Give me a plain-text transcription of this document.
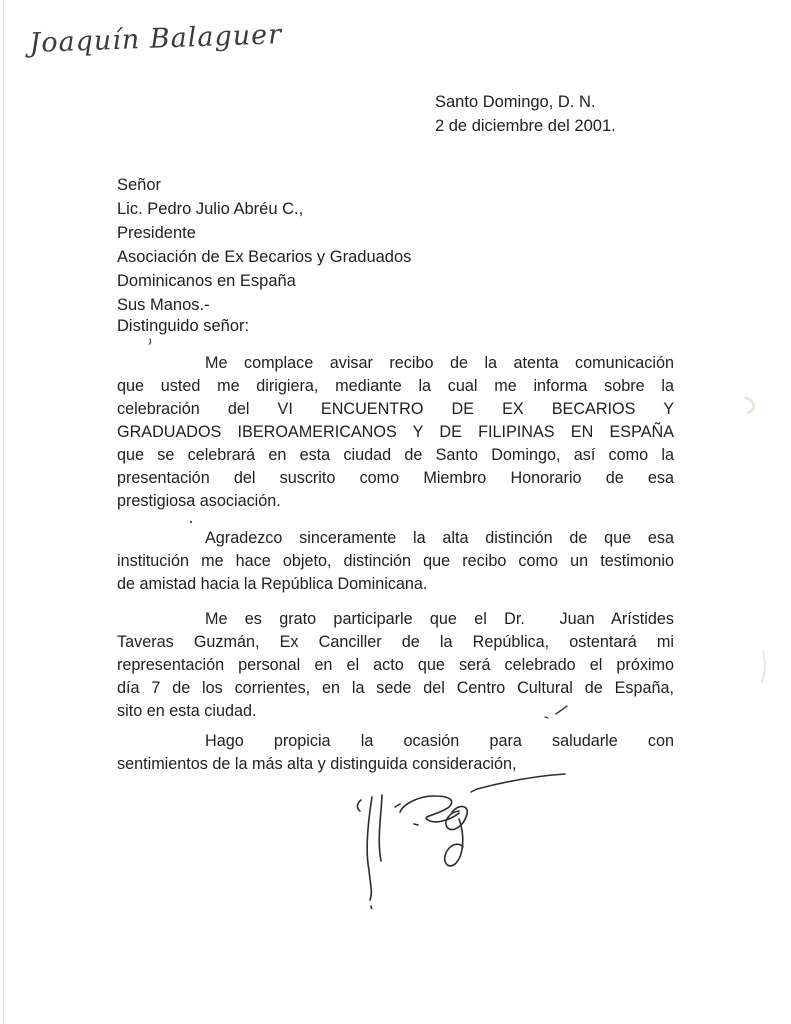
Joaquín Balaguer
Santo Domingo, D. N.
2 de diciembre del 2001.
Señor
Lic. Pedro Julio Abréu C.,
Presidente
Asociación de Ex Becarios y Graduados
Dominicanos en España
Sus Manos.-
Distinguido señor:
Me complace avisar recibo de la atenta comunicación
que usted me dirigiera, mediante la cual me informa sobre la
celebración del VI ENCUENTRO DE EX BECARIOS Y
GRADUADOS IBEROAMERICANOS Y DE FILIPINAS EN ESPAÑA
que se celebrará en esta ciudad de Santo Domingo, así como la
presentación del suscrito como Miembro Honorario de esa
prestigiosa asociación.
Agradezco sinceramente la alta distinción de que esa
institución me hace objeto, distinción que recibo como un testimonio
de amistad hacia la República Dominicana.
Me es grato participarle que el Dr.  Juan Arístides
Taveras Guzmán, Ex Canciller de la República, ostentará mi
representación personal en el acto que será celebrado el próximo
día 7 de los corrientes, en la sede del Centro Cultural de España,
sito en esta ciudad.
Hago propicia la ocasión para saludarle con
sentimientos de la más alta y distinguida consideración,
